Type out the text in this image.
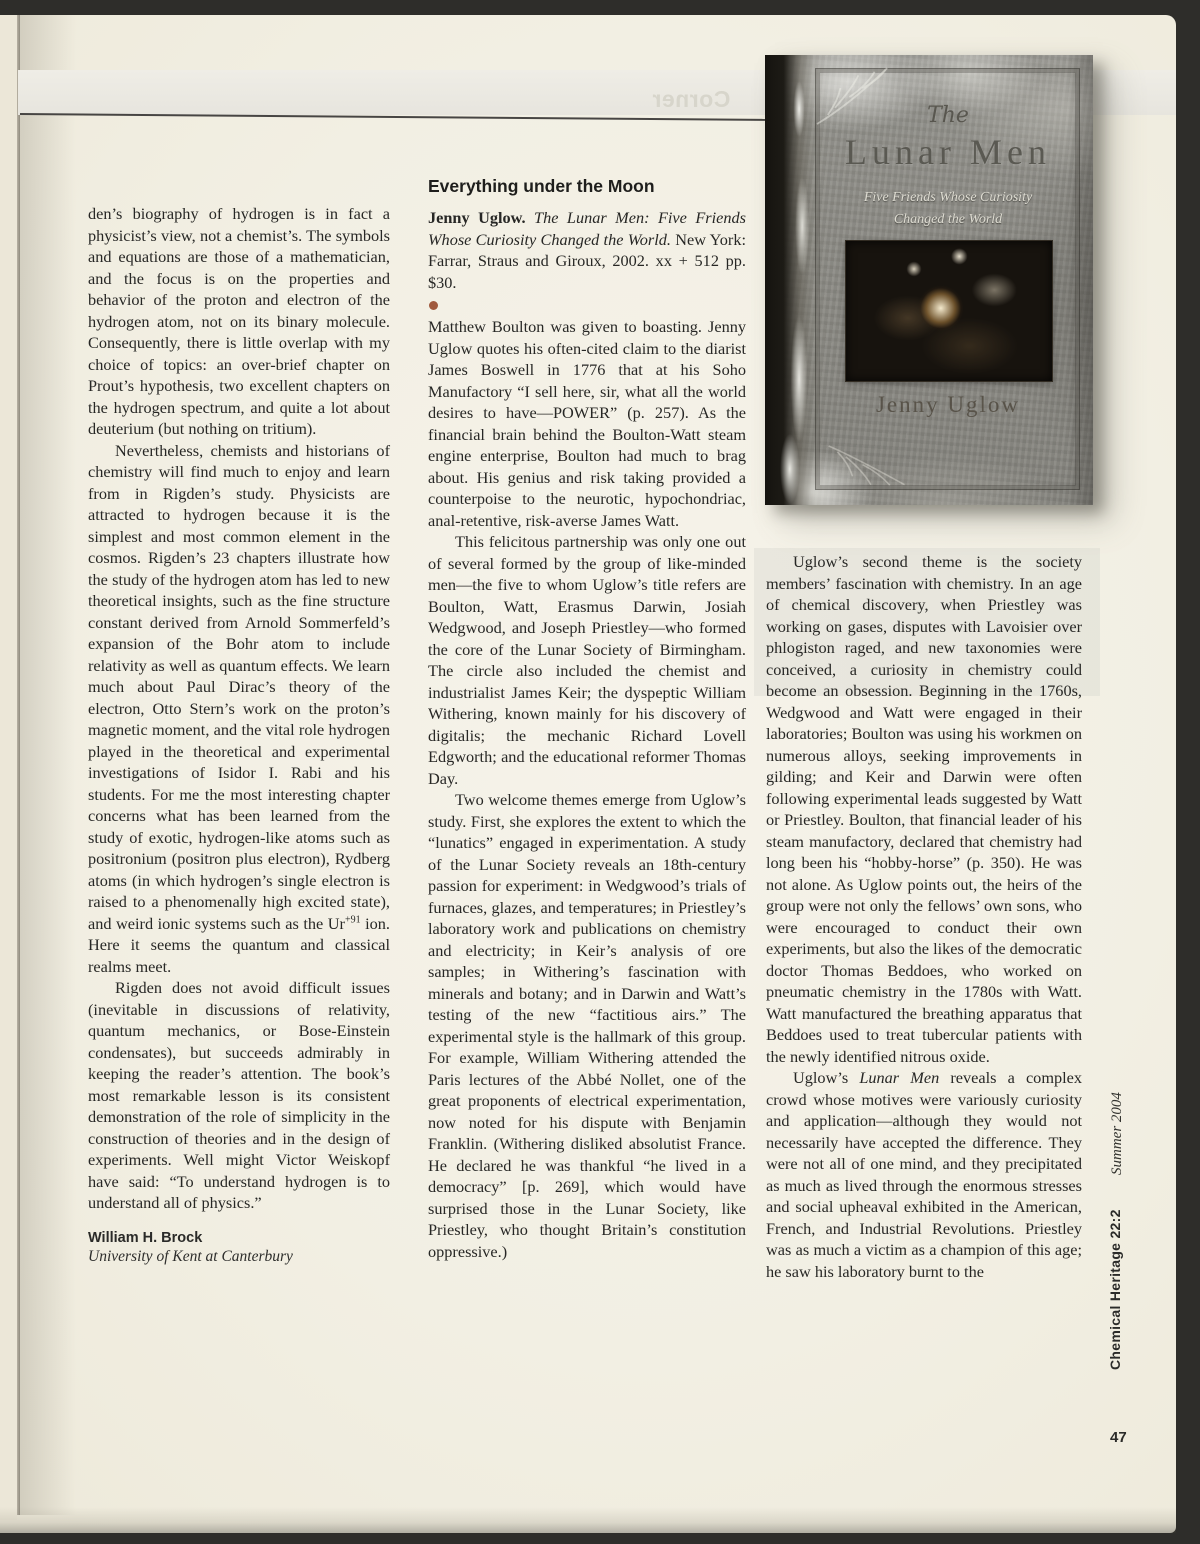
Corner

den’s biography of hydrogen is in fact a physicist’s view, not a chemist’s. The symbols and equations are those of a mathematician, and the focus is on the properties and behavior of the proton and electron of the hydrogen atom, not on its binary molecule. Consequently, there is little overlap with my choice of topics: an over-brief chapter on Prout’s hypothesis, two excellent chapters on the hydrogen spectrum, and quite a lot about deuterium (but nothing on tritium).

Nevertheless, chemists and historians of chemistry will find much to enjoy and learn from in Rigden’s study. Physicists are attracted to hydrogen because it is the simplest and most common element in the cosmos. Rigden’s 23 chapters illustrate how the study of the hydrogen atom has led to new theoretical insights, such as the fine structure constant derived from Arnold Sommerfeld’s expansion of the Bohr atom to include relativity as well as quantum effects. We learn much about Paul Dirac’s theory of the electron, Otto Stern’s work on the proton’s magnetic moment, and the vital role hydrogen played in the theoretical and experimental investigations of Isidor I. Rabi and his students. For me the most interesting chapter concerns what has been learned from the study of exotic, hydrogen-like atoms such as positronium (positron plus electron), Rydberg atoms (in which hydrogen’s single electron is raised to a phenomenally high excited state), and weird ionic systems such as the $Ur^{+91}$ ion. Here it seems the quantum and classical realms meet.

Rigden does not avoid difficult issues (inevitable in discussions of relativity, quantum mechanics, or Bose-Einstein condensates), but succeeds admirably in keeping the reader’s attention. The book’s most remarkable lesson is its consistent demonstration of the role of simplicity in the construction of theories and in the design of experiments. Well might Victor Weiskopf have said: “To understand hydrogen is to understand all of physics.”

William H. Brock
University of Kent at Canterbury
Everything under the Moon

Jenny Uglow. The Lunar Men: Five Friends Whose Curiosity Changed the World. New York: Farrar, Straus and Giroux, 2002. xx + 512 pp. $30.

Matthew Boulton was given to boasting. Jenny Uglow quotes his often-cited claim to the diarist James Boswell in 1776 that at his Soho Manufactory “I sell here, sir, what all the world desires to have—POWER” (p. 257). As the financial brain behind the Boulton-Watt steam engine enterprise, Boulton had much to brag about. His genius and risk taking provided a counterpoise to the neurotic, hypochondriac, anal-retentive, risk-averse James Watt.

This felicitous partnership was only one out of several formed by the group of like-minded men—the five to whom Uglow’s title refers are Boulton, Watt, Erasmus Darwin, Josiah Wedgwood, and Joseph Priestley—who formed the core of the Lunar Society of Birmingham. The circle also included the chemist and industrialist James Keir; the dyspeptic William Withering, known mainly for his discovery of digitalis; the mechanic Richard Lovell Edgworth; and the educational reformer Thomas Day.

Two welcome themes emerge from Uglow’s study. First, she explores the extent to which the “lunatics” engaged in experimentation. A study of the Lunar Society reveals an 18th-century passion for experiment: in Wedgwood’s trials of furnaces, glazes, and temperatures; in Priestley’s laboratory work and publications on chemistry and electricity; in Keir’s analysis of ore samples; in Withering’s fascination with minerals and botany; and in Darwin and Watt’s testing of the new “factitious airs.” The experimental style is the hallmark of this group. For example, William Withering attended the Paris lectures of the Abbé Nollet, one of the great proponents of electrical experimentation, now noted for his dispute with Benjamin Franklin. (Withering disliked absolutist France. He declared he was thankful “he lived in a democracy” [p. 269], which would have surprised those in the Lunar Society, like Priestley, who thought Britain’s constitution oppressive.)

Uglow’s second theme is the society members’ fascination with chemistry. In an age of chemical discovery, when Priestley was working on gases, disputes with Lavoisier over phlogiston raged, and new taxonomies were conceived, a curiosity in chemistry could become an obsession. Beginning in the 1760s, Wedgwood and Watt were engaged in their laboratories; Boulton was using his workmen on numerous alloys, seeking improvements in gilding; and Keir and Darwin were often following experimental leads suggested by Watt or Priestley. Boulton, that financial leader of his steam manufactory, declared that chemistry had long been his “hobby-horse” (p. 350). He was not alone. As Uglow points out, the heirs of the group were not only the fellows’ own sons, who were encouraged to conduct their own experiments, but also the likes of the democratic doctor Thomas Beddoes, who worked on pneumatic chemistry in the 1780s with Watt. Watt manufactured the breathing apparatus that Beddoes used to treat tubercular patients with the newly identified nitrous oxide.

Uglow’s Lunar Men reveals a complex crowd whose motives were variously curiosity and application—although they would not necessarily have accepted the difference. They were not all of one mind, and they precipitated as much as lived through the enormous stresses and social upheaval exhibited in the American, French, and Industrial Revolutions. Priestley was as much a victim as a champion of this age; he saw his laboratory burnt to the

The
Lunar Men
Five Friends Whose Curiosity
Changed the World
Jenny Uglow
Summer 2004
Chemical Heritage 22:2
47
